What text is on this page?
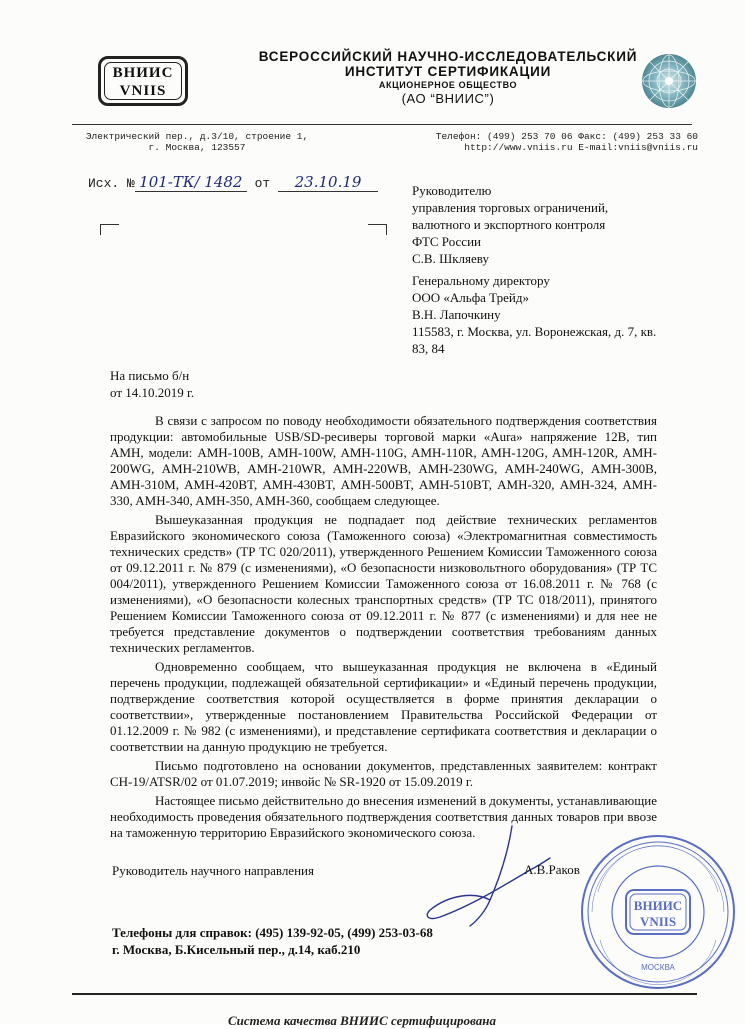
ВНИИС
VNIIS
ВСЕРОССИЙСКИЙ НАУЧНО-ИССЛЕДОВАТЕЛЬСКИЙ
ИНСТИТУТ СЕРТИФИКАЦИИ
АКЦИОНЕРНОЕ ОБЩЕСТВО
(АО “ВНИИС”)
Электрический пер., д.3/10, строение 1,
г. Москва, 123557
Телефон: (499) 253 70 06 Факс: (499) 253 33 60
http://www.vniis.ru E-mail:vniis@vniis.ru
Исх. № 101-ТК/ 1482 от 23.10.19	Руководителю
управления торговых ограничений,
валютного и экспортного контроля
ФТС России
С.В. Шкляеву
Генеральному директору
ООО «Альфа Трейд»
В.Н. Лапочкину
115583, г. Москва, ул. Воронежская, д. 7, кв.
83, 84
На письмо б/н
от 14.10.2019 г.

В связи с запросом по поводу необходимости обязательного подтверждения соответствия продукции: автомобильные USB/SD-ресиверы торговой марки «Aura» напряжение 12В, тип AMH, модели: AMH-100B, AMH-100W, AMH-110G, AMH-110R, AMH-120G, AMH-120R, AMH-200WG, AMH-210WB, AMH-210WR, AMH-220WB, AMH-230WG, AMH-240WG, AMH-300B, AMH-310M, AMH-420BT, AMH-430BT, AMH-500BT, AMH-510BT, AMH-320, AMH-324, AMH-330, AMH-340, AMH-350, AMH-360, сообщаем следующее.

Вышеуказанная продукция не подпадает под действие технических регламентов Евразийского экономического союза (Таможенного союза) «Электромагнитная совместимость технических средств» (ТР ТС 020/2011), утвержденного Решением Комиссии Таможенного союза от 09.12.2011 г. № 879 (с изменениями), «О безопасности низковольтного оборудования» (ТР ТС 004/2011), утвержденного Решением Комиссии Таможенного союза от 16.08.2011 г. № 768 (с изменениями), «О безопасности колесных транспортных средств» (ТР ТС 018/2011), принятого Решением Комиссии Таможенного союза от 09.12.2011 г. № 877 (с изменениями) и для нее не требуется представление документов о подтверждении соответствия требованиям данных технических регламентов.

Одновременно сообщаем, что вышеуказанная продукция не включена в «Единый перечень продукции, подлежащей обязательной сертификации» и «Единый перечень продукции, подтверждение соответствия которой осуществляется в форме принятия декларации о соответствии», утвержденные постановлением Правительства Российской Федерации от 01.12.2009 г. № 982 (с изменениями), и представление сертификата соответствия и декларации о соответствии на данную продукцию не требуется.

Письмо подготовлено на основании документов, представленных заявителем: контракт CH-19/ATSR/02 от 01.07.2019; инвойс № SR-1920 от 15.09.2019 г.

Настоящее письмо действительно до внесения изменений в документы, устанавливающие необходимость проведения обязательного подтверждения соответствия данных товаров при ввозе на таможенную территорию Евразийского экономического союза.

Руководитель научного направления	А.В.Раков
Телефоны для справок: (495) 139-92-05, (499) 253-03-68
г. Москва, Б.Кисельный пер., д.14, каб.210
ВНИИС
VNIIS
МОСКВА
Система качества ВНИИС сертифицирована
